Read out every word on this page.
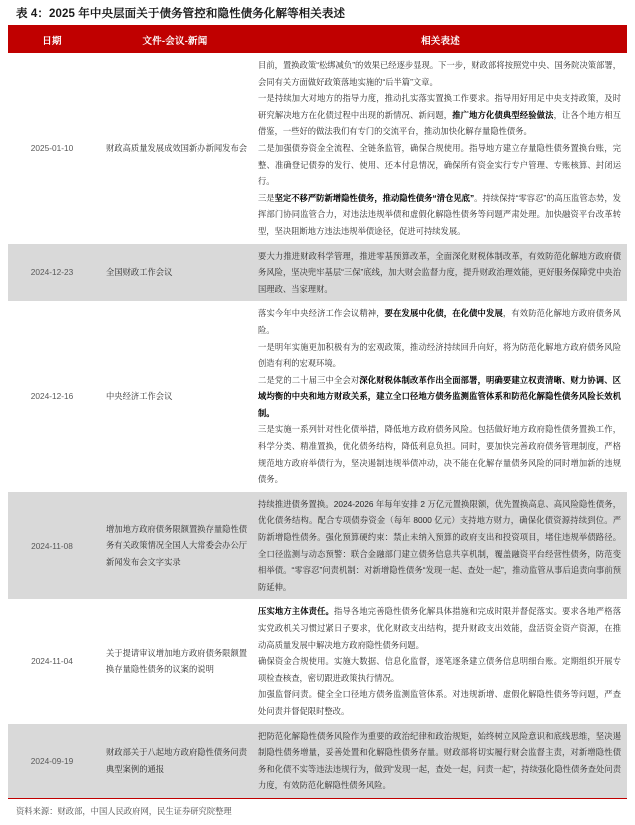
表 4：2025 年中央层面关于债务管控和隐性债务化解等相关表述
日期	文件-会议-新闻	相关表述
2025-01-10	财政高质量发展成效国新办新闻发布会	目前，置换政策“松绑减负”的效果已经逐步显现。下一步，财政部将按照党中央、国务院决策部署，会同有关方面做好政策落地实施的“后半篇”文章。

一是持续加大对地方的指导力度，推动扎实落实置换工作要求。指导用好用足中央支持政策，及时研究解决地方在化债过程中出现的新情况、新问题，推广地方化债典型经验做法，让各个地方相互借鉴，一些好的做法我们有专门的交流平台，推动加快化解存量隐性债务。

二是加强债券资金全流程、全链条监管，确保合规使用。指导地方建立存量隐性债务置换台账，完整、准确登记债券的发行、使用、还本付息情况，确保所有资金实行专户管理、专账核算、封闭运行。

三是坚定不移严防新增隐性债务，推动隐性债务“清仓见底”。持续保持“零容忍”的高压监管态势，发挥部门协同监管合力，对违法违规举债和虚假化解隐性债务等问题严肃处理。加快融资平台改革转型，坚决阻断地方违法违规举债途径，促进可持续发展。

2024-12-23	全国财政工作会议	要大力推进财政科学管理，推进零基预算改革，全面深化财税体制改革，有效防范化解地方政府债务风险，坚决兜牢基层“三保”底线，加大财会监督力度，提升财政治理效能，更好服务保障党中央治国理政、当家理财。

2024-12-16	中央经济工作会议	落实今年中央经济工作会议精神，要在发展中化债，在化债中发展，有效防范化解地方政府债务风险。

一是明年实施更加积极有为的宏观政策，推动经济持续回升向好，将为防范化解地方政府债务风险创造有利的宏观环境。

二是党的二十届三中全会对深化财税体制改革作出全面部署，明确要建立权责清晰、财力协调、区域均衡的中央和地方财政关系，建立全口径地方债务监测监管体系和防范化解隐性债务风险长效机制。

三是实施一系列针对性化债举措，降低地方政府债务风险。包括做好地方政府隐性债务置换工作，科学分类、精准置换，优化债务结构，降低利息负担。同时，要加快完善政府债务管理制度，严格规范地方政府举债行为，坚决遏制违规举债冲动，决不能在化解存量债务风险的同时增加新的违规债务。

2024-11-08	增加地方政府债务限额置换存量隐性债务有关政策情况全国人大常委会办公厅新闻发布会文字实录	持续推进债务置换。2024-2026 年每年安排 2 万亿元置换限额，优先置换高息、高风险隐性债务，优化债务结构。配合专项债券资金（每年 8000 亿元）支持地方财力，确保化债资源持续到位。严防新增隐性债务。强化预算硬约束：禁止未纳入预算的政府支出和投资项目，堵住违规举债路径。全口径监测与动态预警：联合金融部门建立债务信息共享机制，覆盖融资平台经营性债务，防范变相举债。“零容忍”问责机制：对新增隐性债务“发现一起、查处一起”，推动监管从事后追责向事前预防延伸。

2024-11-04	关于提请审议增加地方政府债务限额置换存量隐性债务的议案的说明	压实地方主体责任。指导各地完善隐性债务化解具体措施和完成时限并督促落实。要求各地严格落实党政机关习惯过紧日子要求，优化财政支出结构，提升财政支出效能，盘活资金资产资源，在推动高质量发展中解决地方政府隐性债务问题。

确保资金合规使用。实施大数据、信息化监督，逐笔逐条建立债务信息明细台账。定期组织开展专项检查核查，密切跟进政策执行情况。

加强监督问责。健全全口径地方债务监测监管体系。对违规新增、虚假化解隐性债务等问题，严查处问责并督促限时整改。

2024-09-19	财政部关于八起地方政府隐性债务问责典型案例的通报	把防范化解隐性债务风险作为重要的政治纪律和政治规矩，始终树立风险意识和底线思维，坚决遏制隐性债务增量，妥善处置和化解隐性债务存量。财政部将切实履行财会监督主责，对新增隐性债务和化债不实等违法违规行为，做到“发现一起，查处一起，问责一起”，持续强化隐性债务查处问责力度，有效防范化解隐性债务风险。

资料来源：财政部，中国人民政府网，民生证券研究院整理
